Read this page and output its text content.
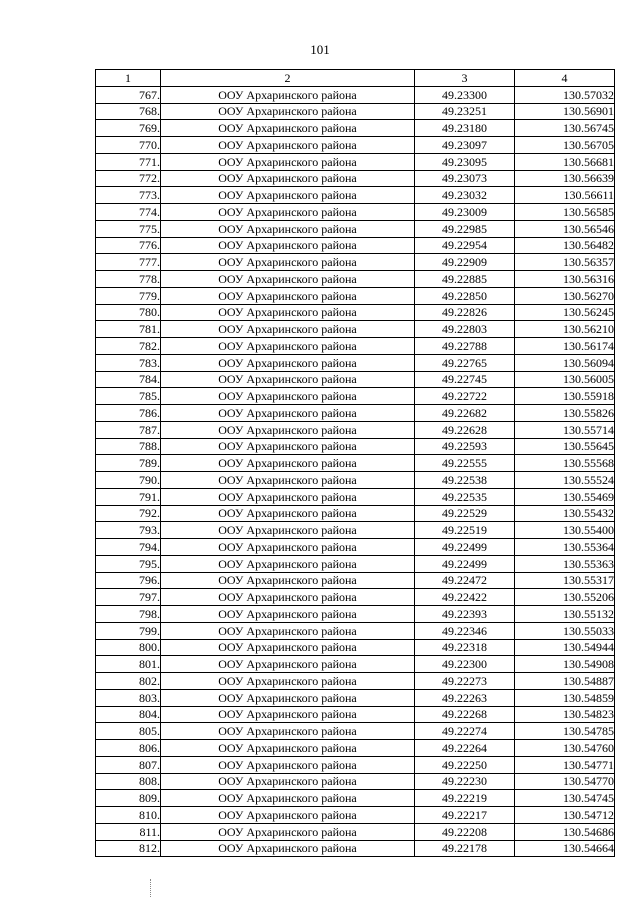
101
1	2	3	4
767.	ООУ Архаринского района	49.23300	130.57032
768.	ООУ Архаринского района	49.23251	130.56901
769.	ООУ Архаринского района	49.23180	130.56745
770.	ООУ Архаринского района	49.23097	130.56705
771.	ООУ Архаринского района	49.23095	130.56681
772.	ООУ Архаринского района	49.23073	130.56639
773.	ООУ Архаринского района	49.23032	130.56611
774.	ООУ Архаринского района	49.23009	130.56585
775.	ООУ Архаринского района	49.22985	130.56546
776.	ООУ Архаринского района	49.22954	130.56482
777.	ООУ Архаринского района	49.22909	130.56357
778.	ООУ Архаринского района	49.22885	130.56316
779.	ООУ Архаринского района	49.22850	130.56270
780.	ООУ Архаринского района	49.22826	130.56245
781.	ООУ Архаринского района	49.22803	130.56210
782.	ООУ Архаринского района	49.22788	130.56174
783.	ООУ Архаринского района	49.22765	130.56094
784.	ООУ Архаринского района	49.22745	130.56005
785.	ООУ Архаринского района	49.22722	130.55918
786.	ООУ Архаринского района	49.22682	130.55826
787.	ООУ Архаринского района	49.22628	130.55714
788.	ООУ Архаринского района	49.22593	130.55645
789.	ООУ Архаринского района	49.22555	130.55568
790.	ООУ Архаринского района	49.22538	130.55524
791.	ООУ Архаринского района	49.22535	130.55469
792.	ООУ Архаринского района	49.22529	130.55432
793.	ООУ Архаринского района	49.22519	130.55400
794.	ООУ Архаринского района	49.22499	130.55364
795.	ООУ Архаринского района	49.22499	130.55363
796.	ООУ Архаринского района	49.22472	130.55317
797.	ООУ Архаринского района	49.22422	130.55206
798.	ООУ Архаринского района	49.22393	130.55132
799.	ООУ Архаринского района	49.22346	130.55033
800.	ООУ Архаринского района	49.22318	130.54944
801.	ООУ Архаринского района	49.22300	130.54908
802.	ООУ Архаринского района	49.22273	130.54887
803.	ООУ Архаринского района	49.22263	130.54859
804.	ООУ Архаринского района	49.22268	130.54823
805.	ООУ Архаринского района	49.22274	130.54785
806.	ООУ Архаринского района	49.22264	130.54760
807.	ООУ Архаринского района	49.22250	130.54771
808.	ООУ Архаринского района	49.22230	130.54770
809.	ООУ Архаринского района	49.22219	130.54745
810.	ООУ Архаринского района	49.22217	130.54712
811.	ООУ Архаринского района	49.22208	130.54686
812.	ООУ Архаринского района	49.22178	130.54664
